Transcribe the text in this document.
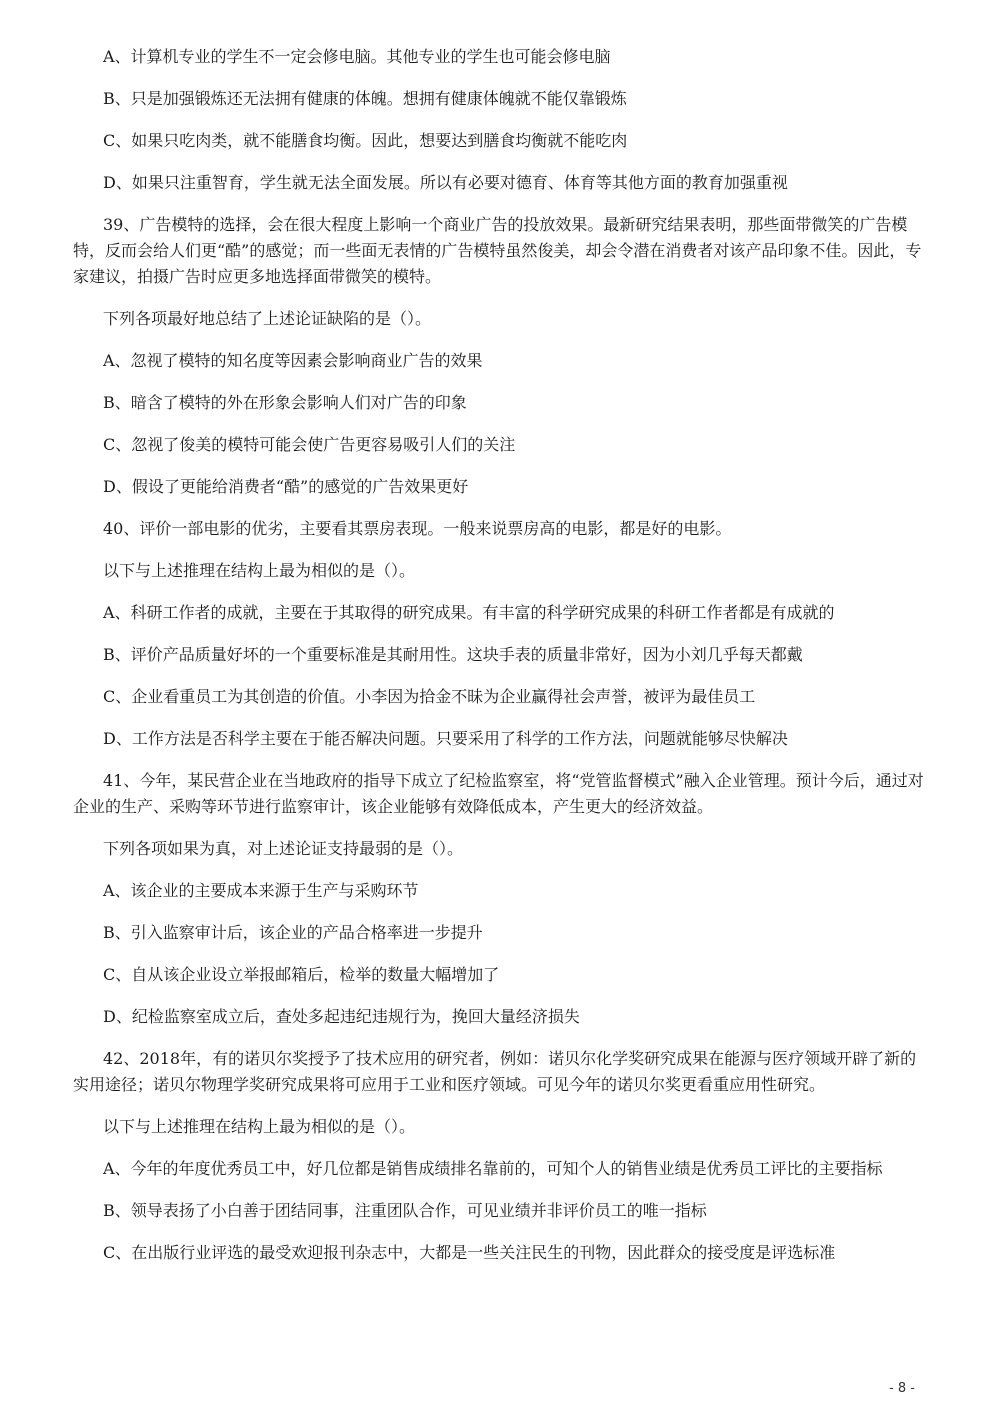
A、计算机专业的学生不一定会修电脑。其他专业的学生也可能会修电脑

B、只是加强锻炼还无法拥有健康的体魄。想拥有健康体魄就不能仅靠锻炼

C、如果只吃肉类，就不能膳食均衡。因此，想要达到膳食均衡就不能吃肉

D、如果只注重智育，学生就无法全面发展。所以有必要对德育、体育等其他方面的教育加强重视

39、广告模特的选择，会在很大程度上影响一个商业广告的投放效果。最新研究结果表明，那些面带微笑的广告模特，反而会给人们更“酷”的感觉；而一些面无表情的广告模特虽然俊美，却会令潜在消费者对该产品印象不佳。因此，专家建议，拍摄广告时应更多地选择面带微笑的模特。

下列各项最好地总结了上述论证缺陷的是（）。

A、忽视了模特的知名度等因素会影响商业广告的效果

B、暗含了模特的外在形象会影响人们对广告的印象

C、忽视了俊美的模特可能会使广告更容易吸引人们的关注

D、假设了更能给消费者“酷”的感觉的广告效果更好

40、评价一部电影的优劣，主要看其票房表现。一般来说票房高的电影，都是好的电影。

以下与上述推理在结构上最为相似的是（）。

A、科研工作者的成就，主要在于其取得的研究成果。有丰富的科学研究成果的科研工作者都是有成就的

B、评价产品质量好坏的一个重要标准是其耐用性。这块手表的质量非常好，因为小刘几乎每天都戴

C、企业看重员工为其创造的价值。小李因为拾金不昧为企业赢得社会声誉，被评为最佳员工

D、工作方法是否科学主要在于能否解决问题。只要采用了科学的工作方法，问题就能够尽快解决

41、今年，某民营企业在当地政府的指导下成立了纪检监察室，将“党管监督模式”融入企业管理。预计今后，通过对企业的生产、采购等环节进行监察审计，该企业能够有效降低成本，产生更大的经济效益。

下列各项如果为真，对上述论证支持最弱的是（）。

A、该企业的主要成本来源于生产与采购环节

B、引入监察审计后，该企业的产品合格率进一步提升

C、自从该企业设立举报邮箱后，检举的数量大幅增加了

D、纪检监察室成立后，查处多起违纪违规行为，挽回大量经济损失

42、2018年，有的诺贝尔奖授予了技术应用的研究者，例如：诺贝尔化学奖研究成果在能源与医疗领域开辟了新的实用途径；诺贝尔物理学奖研究成果将可应用于工业和医疗领域。可见今年的诺贝尔奖更看重应用性研究。

以下与上述推理在结构上最为相似的是（）。

A、今年的年度优秀员工中，好几位都是销售成绩排名靠前的，可知个人的销售业绩是优秀员工评比的主要指标

B、领导表扬了小白善于团结同事，注重团队合作，可见业绩并非评价员工的唯一指标

C、在出版行业评选的最受欢迎报刊杂志中，大都是一些关注民生的刊物，因此群众的接受度是评选标准

- 8 -
